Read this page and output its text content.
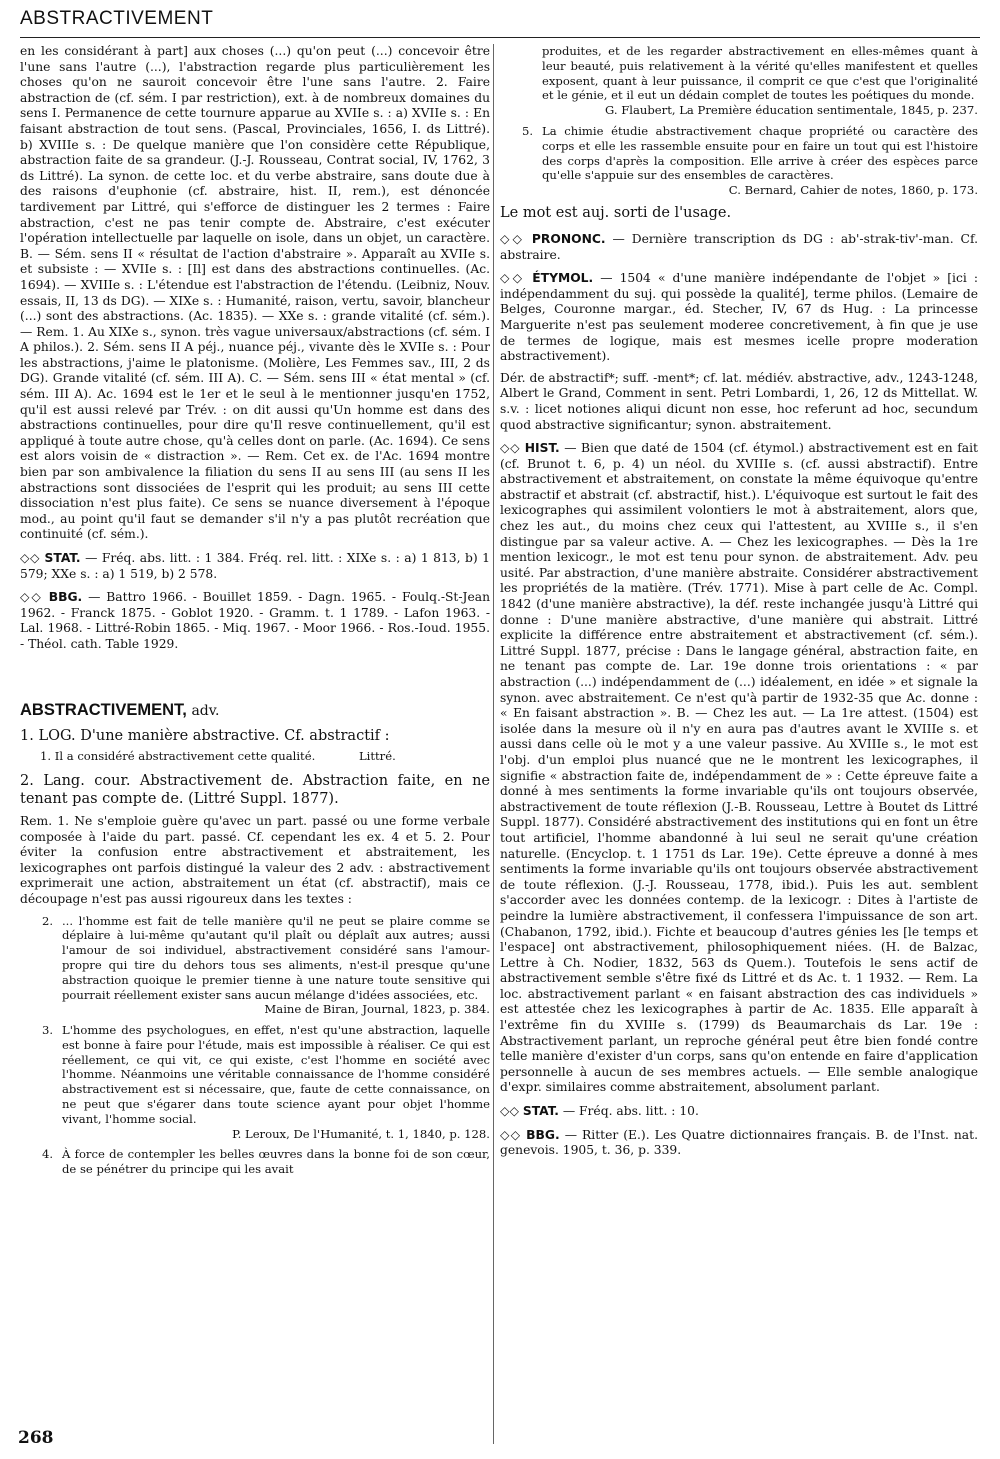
ABSTRACTIVEMENT

en les considérant à part] aux choses (...) qu'on peut (...) concevoir être l'une sans l'autre (...), l'abstraction regarde plus particulièrement les choses qu'on ne sauroit concevoir être l'une sans l'autre. 2. Faire abstraction de (cf. sém. I par restriction), ext. à de nombreux domaines du sens I. Permanence de cette tournure apparue au XVIIe s. : a) XVIIe s. : En faisant abstraction de tout sens. (Pascal, Provinciales, 1656, I. ds Littré). b) XVIIIe s. : De quelque manière que l'on considère cette République, abstraction faite de sa grandeur. (J.-J. Rousseau, Contrat social, IV, 1762, 3 ds Littré). La synon. de cette loc. et du verbe abstraire, sans doute due à des raisons d'euphonie (cf. abstraire, hist. II, rem.), est dénoncée tardivement par Littré, qui s'efforce de distinguer les 2 termes : Faire abstraction, c'est ne pas tenir compte de. Abstraire, c'est exécuter l'opération intellectuelle par laquelle on isole, dans un objet, un caractère. B. — Sém. sens II « résultat de l'action d'abstraire ». Apparaît au XVIIe s. et subsiste : — XVIIe s. : [Il] est dans des abstractions continuelles. (Ac. 1694). — XVIIIe s. : L'étendue est l'abstraction de l'étendu. (Leibniz, Nouv. essais, II, 13 ds DG). — XIXe s. : Humanité, raison, vertu, savoir, blancheur (...) sont des abstractions. (Ac. 1835). — XXe s. : grande vitalité (cf. sém.). — Rem. 1. Au XIXe s., synon. très vague universaux/abstractions (cf. sém. I A philos.). 2. Sém. sens II A péj., nuance péj., vivante dès le XVIIe s. : Pour les abstractions, j'aime le platonisme. (Molière, Les Femmes sav., III, 2 ds DG). Grande vitalité (cf. sém. III A). C. — Sém. sens III « état mental » (cf. sém. III A). Ac. 1694 est le 1er et le seul à le mentionner jusqu'en 1752, qu'il est aussi relevé par Trév. : on dit aussi qu'Un homme est dans des abstractions continuelles, pour dire qu'Il resve continuellement, qu'il est appliqué à toute autre chose, qu'à celles dont on parle. (Ac. 1694). Ce sens est alors voisin de « distraction ». — Rem. Cet ex. de l'Ac. 1694 montre bien par son ambivalence la filiation du sens II au sens III (au sens II les abstractions sont dissociées de l'esprit qui les produit; au sens III cette dissociation n'est plus faite). Ce sens se nuance diversement à l'époque mod., au point qu'il faut se demander s'il n'y a pas plutôt recréation que continuité (cf. sém.).

◇◇ STAT. — Fréq. abs. litt. : 1 384. Fréq. rel. litt. : XIXe s. : a) 1 813, b) 1 579; XXe s. : a) 1 519, b) 2 578.

◇◇ BBG. — Battro 1966. - Bouillet 1859. - Dagn. 1965. - Foulq.-St-Jean 1962. - Franck 1875. - Goblot 1920. - Gramm. t. 1 1789. - Lafon 1963. - Lal. 1968. - Littré-Robin 1865. - Miq. 1967. - Moor 1966. - Ros.-Ioud. 1955. - Théol. cath. Table 1929.

ABSTRACTIVEMENT, adv.
1. LOG. D'une manière abstractive. Cf. abstractif :
1. Il a considéré abstractivement cette qualité.	Littré.
2. Lang. cour. Abstractivement de. Abstraction faite, en ne tenant pas compte de. (Littré Suppl. 1877).

Rem. 1. Ne s'emploie guère qu'avec un part. passé ou une forme verbale composée à l'aide du part. passé. Cf. cependant les ex. 4 et 5. 2. Pour éviter la confusion entre abstractivement et abstraitement, les lexicographes ont parfois distingué la valeur des 2 adv. : abstractivement exprimerait une action, abstraitement un état (cf. abstractif), mais ce découpage n'est pas aussi rigoureux dans les textes :

2. ... l'homme est fait de telle manière qu'il ne peut se plaire comme se déplaire à lui-même qu'autant qu'il plaît ou déplaît aux autres; aussi l'amour de soi individuel, abstractivement considéré sans l'amour-propre qui tire du dehors tous ses aliments, n'est-il presque qu'une abstraction quoique le premier tienne à une nature toute sensitive qui pourrait réellement exister sans aucun mélange d'idées associées, etc.
Maine de Biran, Journal, 1823, p. 384.
3. L'homme des psychologues, en effet, n'est qu'une abstraction, laquelle est bonne à faire pour l'étude, mais est impossible à réaliser. Ce qui est réellement, ce qui vit, ce qui existe, c'est l'homme en société avec l'homme. Néanmoins une véritable connaissance de l'homme considéré abstractivement est si nécessaire, que, faute de cette connaissance, on ne peut que s'égarer dans toute science ayant pour objet l'homme vivant, l'homme social.
P. Leroux, De l'Humanité, t. 1, 1840, p. 128.
4. À force de contempler les belles œuvres dans la bonne foi de son cœur, de se pénétrer du principe qui les avait
produites, et de les regarder abstractivement en elles-mêmes quant à leur beauté, puis relativement à la vérité qu'elles manifestent et quelles exposent, quant à leur puissance, il comprit ce que c'est que l'originalité et le génie, et il eut un dédain complet de toutes les poétiques du monde.
G. Flaubert, La Première éducation sentimentale, 1845, p. 237.
5. La chimie étudie abstractivement chaque propriété ou caractère des corps et elle les rassemble ensuite pour en faire un tout qui est l'histoire des corps d'après la composition. Elle arrive à créer des espèces parce qu'elle s'appuie sur des ensembles de caractères.
C. Bernard, Cahier de notes, 1860, p. 173.
Le mot est auj. sorti de l'usage.

◇◇ PRONONC. — Dernière transcription ds DG : ab'-strak-tiv'-man. Cf. abstraire.

◇◇ ÉTYMOL. — 1504 « d'une manière indépendante de l'objet » [ici : indépendamment du suj. qui possède la qualité], terme philos. (Lemaire de Belges, Couronne margar., éd. Stecher, IV, 67 ds Hug. : La princesse Marguerite n'est pas seulement moderee concretivement, à fin que je use de termes de logique, mais est mesmes icelle propre moderation abstractivement).

Dér. de abstractif*; suff. -ment*; cf. lat. médiév. abstractive, adv., 1243-1248, Albert le Grand, Comment in sent. Petri Lombardi, 1, 26, 12 ds Mittellat. W. s.v. : licet notiones aliqui dicunt non esse, hoc referunt ad hoc, secundum quod abstractive significantur; synon. abstraitement.

◇◇ HIST. — Bien que daté de 1504 (cf. étymol.) abstractivement est en fait (cf. Brunot t. 6, p. 4) un néol. du XVIIIe s. (cf. aussi abstractif). Entre abstractivement et abstraitement, on constate la même équivoque qu'entre abstractif et abstrait (cf. abstractif, hist.). L'équivoque est surtout le fait des lexicographes qui assimilent volontiers le mot à abstraitement, alors que, chez les aut., du moins chez ceux qui l'attestent, au XVIIIe s., il s'en distingue par sa valeur active. A. — Chez les lexicographes. — Dès la 1re mention lexicogr., le mot est tenu pour synon. de abstraitement. Adv. peu usité. Par abstraction, d'une manière abstraite. Considérer abstractivement les propriétés de la matière. (Trév. 1771). Mise à part celle de Ac. Compl. 1842 (d'une manière abstractive), la déf. reste inchangée jusqu'à Littré qui donne : D'une manière abstractive, d'une manière qui abstrait. Littré explicite la différence entre abstraitement et abstractivement (cf. sém.). Littré Suppl. 1877, précise : Dans le langage général, abstraction faite, en ne tenant pas compte de. Lar. 19e donne trois orientations : « par abstraction (...) indépendamment de (...) idéalement, en idée » et signale la synon. avec abstraitement. Ce n'est qu'à partir de 1932-35 que Ac. donne : « En faisant abstraction ». B. — Chez les aut. — La 1re attest. (1504) est isolée dans la mesure où il n'y en aura pas d'autres avant le XVIIIe s. et aussi dans celle où le mot y a une valeur passive. Au XVIIIe s., le mot est l'obj. d'un emploi plus nuancé que ne le montrent les lexicographes, il signifie « abstraction faite de, indépendamment de » : Cette épreuve faite a donné à mes sentiments la forme invariable qu'ils ont toujours observée, abstractivement de toute réflexion (J.-B. Rousseau, Lettre à Boutet ds Littré Suppl. 1877). Considéré abstractivement des institutions qui en font un être tout artificiel, l'homme abandonné à lui seul ne serait qu'une création naturelle. (Encyclop. t. 1 1751 ds Lar. 19e). Cette épreuve a donné à mes sentiments la forme invariable qu'ils ont toujours observée abstractivement de toute réflexion. (J.-J. Rousseau, 1778, ibid.). Puis les aut. semblent s'accorder avec les données contemp. de la lexicogr. : Dites à l'artiste de peindre la lumière abstractivement, il confessera l'impuissance de son art. (Chabanon, 1792, ibid.). Fichte et beaucoup d'autres génies les [le temps et l'espace] ont abstractivement, philosophiquement niées. (H. de Balzac, Lettre à Ch. Nodier, 1832, 563 ds Quem.). Toutefois le sens actif de abstractivement semble s'être fixé ds Littré et ds Ac. t. 1 1932. — Rem. La loc. abstractivement parlant « en faisant abstraction des cas individuels » est attestée chez les lexicographes à partir de Ac. 1835. Elle apparaît à l'extrême fin du XVIIIe s. (1799) ds Beaumarchais ds Lar. 19e : Abstractivement parlant, un reproche général peut être bien fondé contre telle manière d'exister d'un corps, sans qu'on entende en faire d'application personnelle à aucun de ses membres actuels. — Elle semble analogique d'expr. similaires comme abstraitement, absolument parlant.

◇◇ STAT. — Fréq. abs. litt. : 10.

◇◇ BBG. — Ritter (E.). Les Quatre dictionnaires français. B. de l'Inst. nat. genevois. 1905, t. 36, p. 339.

268
